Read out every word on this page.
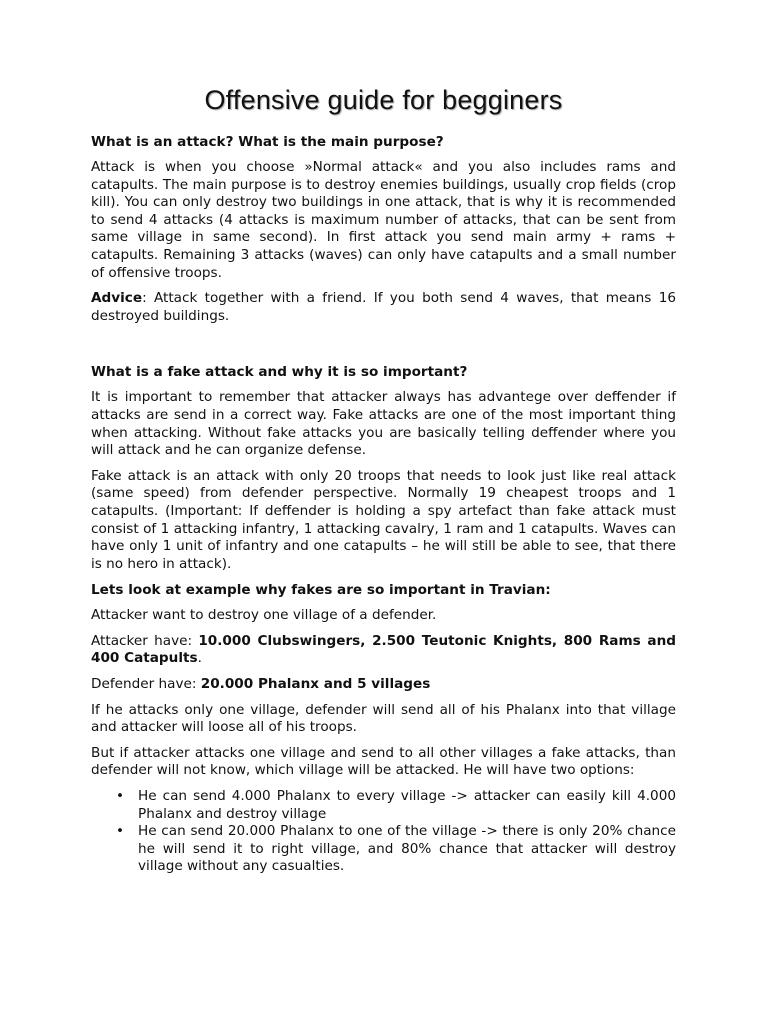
Offensive guide for begginers
What is an attack? What is the main purpose?

Attack is when you choose »Normal attack« and you also includes rams and catapults. The main purpose is to destroy enemies buildings, usually crop fields (crop kill). You can only destroy two buildings in one attack, that is why it is recommended to send 4 attacks (4 attacks is maximum number of attacks, that can be sent from same village in same second). In first attack you send main army + rams + catapults. Remaining 3 attacks (waves) can only have catapults and a small number of offensive troops.

Advice: Attack together with a friend. If you both send 4 waves, that means 16 destroyed buildings.

What is a fake attack and why it is so important?

It is important to remember that attacker always has advantege over deffender if attacks are send in a correct way. Fake attacks are one of the most important thing when attacking. Without fake attacks you are basically telling deffender where you will attack and he can organize defense.

Fake attack is an attack with only 20 troops that needs to look just like real attack (same speed) from defender perspective. Normally 19 cheapest troops and 1 catapults. (Important: If deffender is holding a spy artefact than fake attack must consist of 1 attacking infantry, 1 attacking cavalry, 1 ram and 1 catapults. Waves can have only 1 unit of infantry and one catapults – he will still be able to see, that there is no hero in attack).

Lets look at example why fakes are so important in Travian:

Attacker want to destroy one village of a defender.

Attacker have: 10.000 Clubswingers, 2.500 Teutonic Knights, 800 Rams and 400 Catapults.

Defender have: 20.000 Phalanx and 5 villages

If he attacks only one village, defender will send all of his Phalanx into that village and attacker will loose all of his troops.

But if attacker attacks one village and send to all other villages a fake attacks, than defender will not know, which village will be attacked. He will have two options:

• He can send 4.000 Phalanx to every village -> attacker can easily kill 4.000 Phalanx and destroy village
• He can send 20.000 Phalanx to one of the village -> there is only 20% chance he will send it to right village, and 80% chance that attacker will destroy village without any casualties.
